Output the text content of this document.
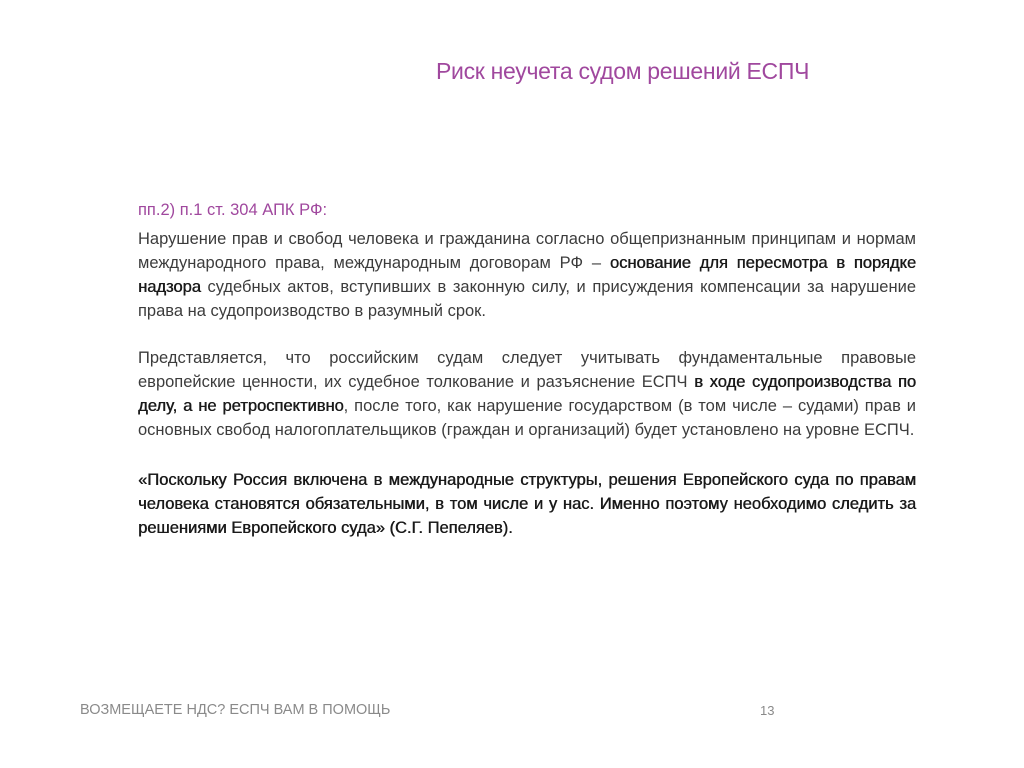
Риск неучета судом решений ЕСПЧ

пп.2) п.1 ст. 304 АПК РФ:

Нарушение прав и свобод человека и гражданина согласно общепризнанным принципам и нормам международного права, международным договорам РФ – основание для пересмотра в порядке надзора судебных актов, вступивших в законную силу, и присуждения компенсации за нарушение права на судопроизводство в разумный срок.

Представляется, что российским судам следует учитывать фундаментальные правовые европейские ценности, их судебное толкование и разъяснение ЕСПЧ в ходе судопроизводства по делу, а не ретроспективно, после того, как нарушение государством (в том числе – судами) прав и основных свобод налогоплательщиков (граждан и организаций) будет установлено на уровне ЕСПЧ.

«Поскольку Россия включена в международные структуры, решения Европейского суда по правам человека становятся обязательными, в том числе и у нас. Именно поэтому необходимо следить за решениями Европейского суда» (С.Г. Пепеляев).

ВОЗМЕЩАЕТЕ НДС? ЕСПЧ ВАМ В ПОМОЩЬ	13
